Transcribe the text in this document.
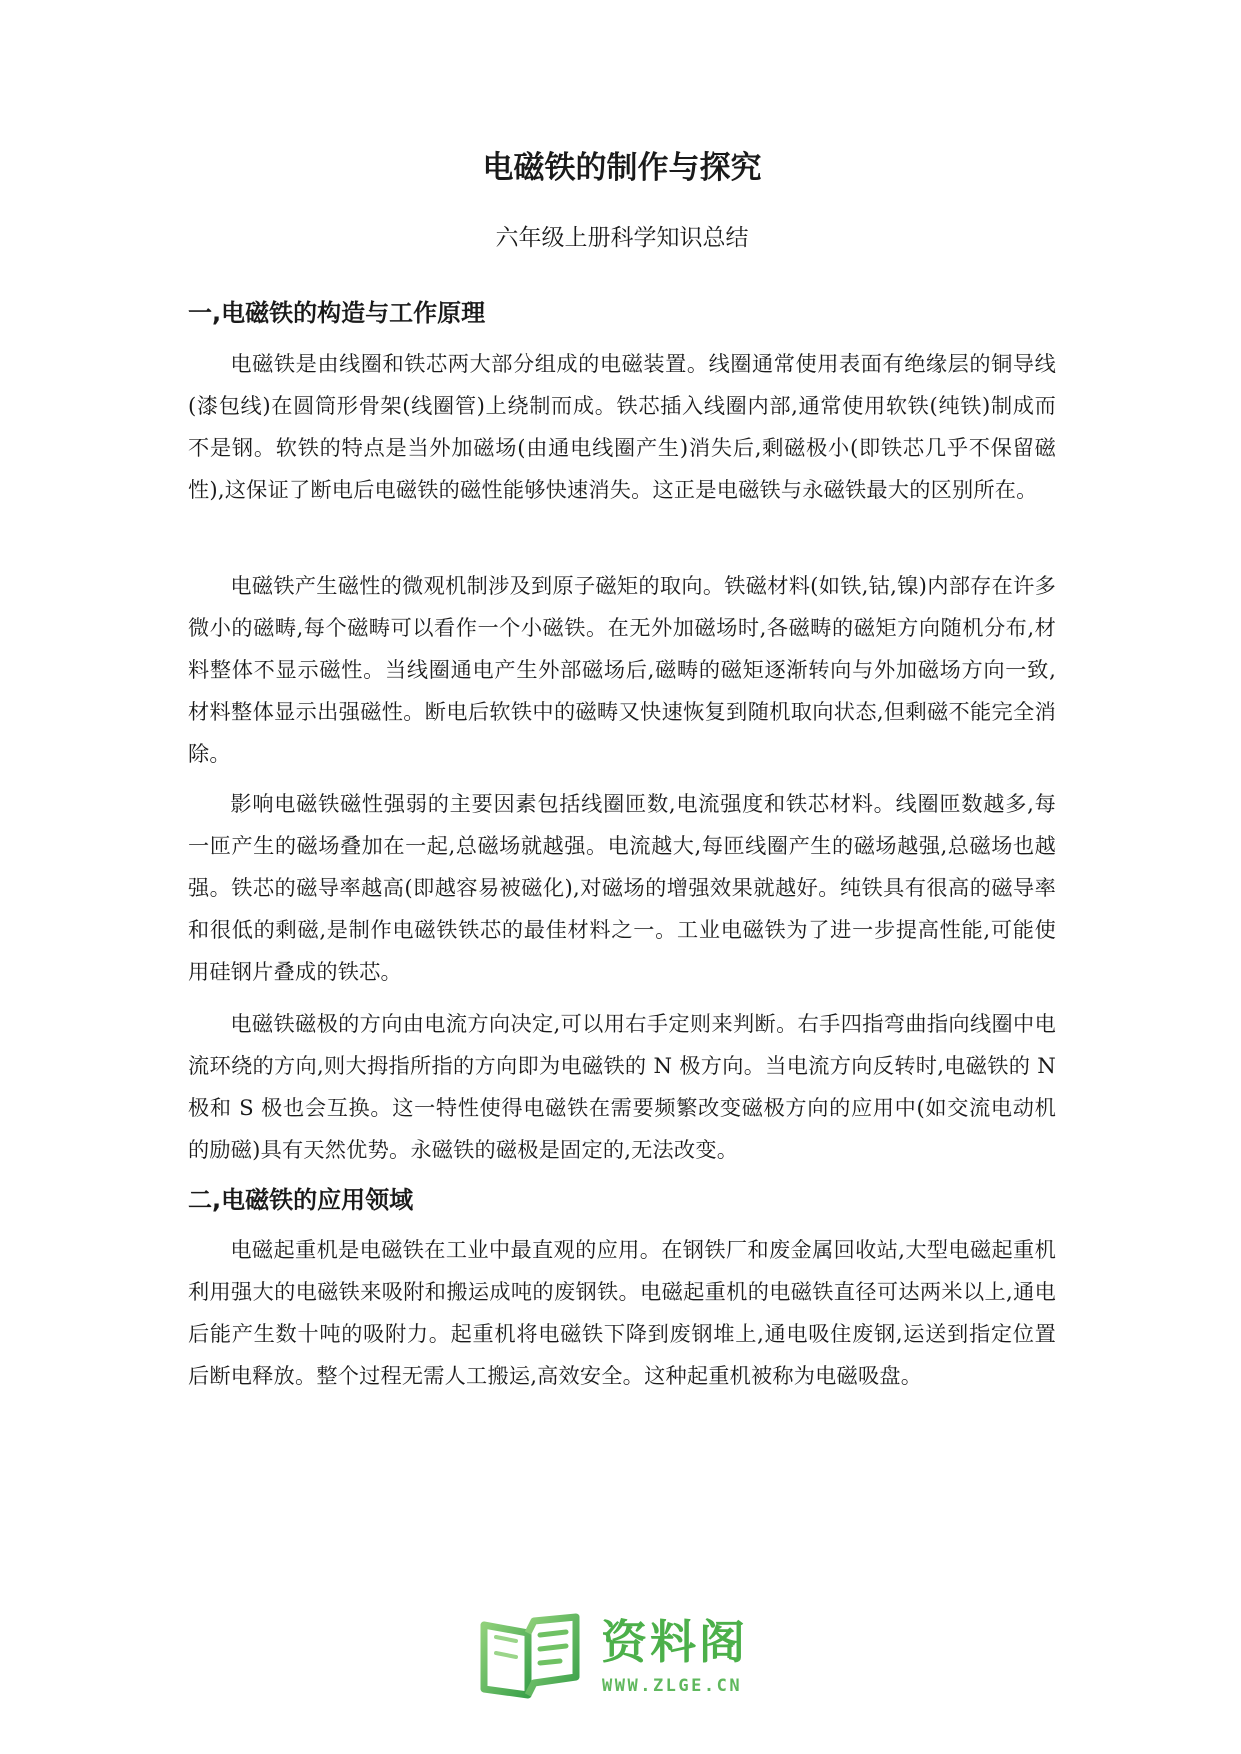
电磁铁的制作与探究

六年级上册科学知识总结

一,电磁铁的构造与工作原理

电磁铁是由线圈和铁芯两大部分组成的电磁装置。线圈通常使用表面有绝缘层的铜导线(漆包线)在圆筒形骨架(线圈管)上绕制而成。铁芯插入线圈内部,通常使用软铁(纯铁)制成而不是钢。软铁的特点是当外加磁场(由通电线圈产生)消失后,剩磁极小(即铁芯几乎不保留磁性),这保证了断电后电磁铁的磁性能够快速消失。这正是电磁铁与永磁铁最大的区别所在。

电磁铁产生磁性的微观机制涉及到原子磁矩的取向。铁磁材料(如铁,钴,镍)内部存在许多微小的磁畴,每个磁畴可以看作一个小磁铁。在无外加磁场时,各磁畴的磁矩方向随机分布,材料整体不显示磁性。当线圈通电产生外部磁场后,磁畴的磁矩逐渐转向与外加磁场方向一致,材料整体显示出强磁性。断电后软铁中的磁畴又快速恢复到随机取向状态,但剩磁不能完全消除。

影响电磁铁磁性强弱的主要因素包括线圈匝数,电流强度和铁芯材料。线圈匝数越多,每一匝产生的磁场叠加在一起,总磁场就越强。电流越大,每匝线圈产生的磁场越强,总磁场也越强。铁芯的磁导率越高(即越容易被磁化),对磁场的增强效果就越好。纯铁具有很高的磁导率和很低的剩磁,是制作电磁铁铁芯的最佳材料之一。工业电磁铁为了进一步提高性能,可能使用硅钢片叠成的铁芯。

电磁铁磁极的方向由电流方向决定,可以用右手定则来判断。右手四指弯曲指向线圈中电流环绕的方向,则大拇指所指的方向即为电磁铁的 N 极方向。当电流方向反转时,电磁铁的 N 极和 S 极也会互换。这一特性使得电磁铁在需要频繁改变磁极方向的应用中(如交流电动机的励磁)具有天然优势。永磁铁的磁极是固定的,无法改变。

二,电磁铁的应用领域

电磁起重机是电磁铁在工业中最直观的应用。在钢铁厂和废金属回收站,大型电磁起重机利用强大的电磁铁来吸附和搬运成吨的废钢铁。电磁起重机的电磁铁直径可达两米以上,通电后能产生数十吨的吸附力。起重机将电磁铁下降到废钢堆上,通电吸住废钢,运送到指定位置后断电释放。整个过程无需人工搬运,高效安全。这种起重机被称为电磁吸盘。

资料阁
WWW.ZLGE.CN
